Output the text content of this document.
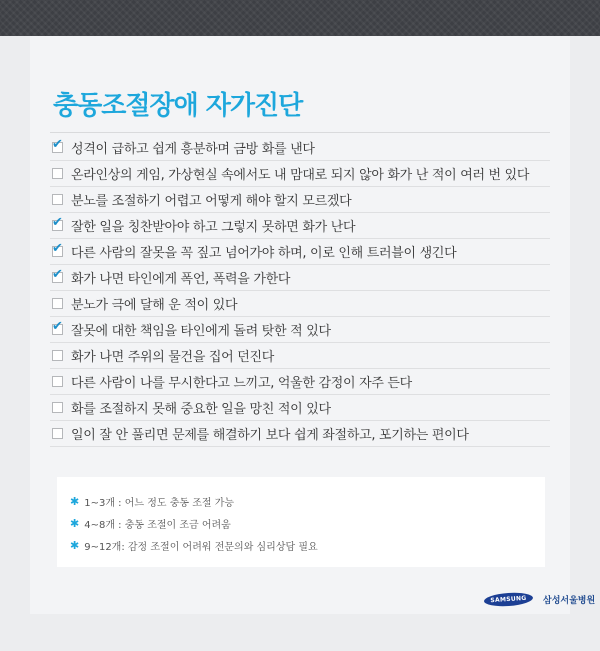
충동조절장애 자가진단
✔ 성격이 급하고 쉽게 흥분하며 금방 화를 낸다
온라인상의 게임, 가상현실 속에서도 내 맘대로 되지 않아 화가 난 적이 여러 번 있다
분노를 조절하기 어렵고 어떻게 해야 할지 모르겠다
✔ 잘한 일을 칭찬받아야 하고 그렇지 못하면 화가 난다
✔ 다른 사람의 잘못을 꼭 짚고 넘어가야 하며, 이로 인해 트러블이 생긴다
✔ 화가 나면 타인에게 폭언, 폭력을 가한다
분노가 극에 달해 운 적이 있다
✔ 잘못에 대한 책임을 타인에게 돌려 탓한 적 있다
화가 나면 주위의 물건을 집어 던진다
다른 사람이 나를 무시한다고 느끼고, 억울한 감정이 자주 든다
화를 조절하지 못해 중요한 일을 망친 적이 있다
일이 잘 안 풀리면 문제를 해결하기 보다 쉽게 좌절하고, 포기하는 편이다
✱ 1~3개 : 어느 정도 충동 조절 가능
✱ 4~8개 : 충동 조절이 조금 어려움
✱ 9~12개: 감정 조절이 어려워 전문의와 심리상담 필요
SAMSUNG 삼성서울병원
